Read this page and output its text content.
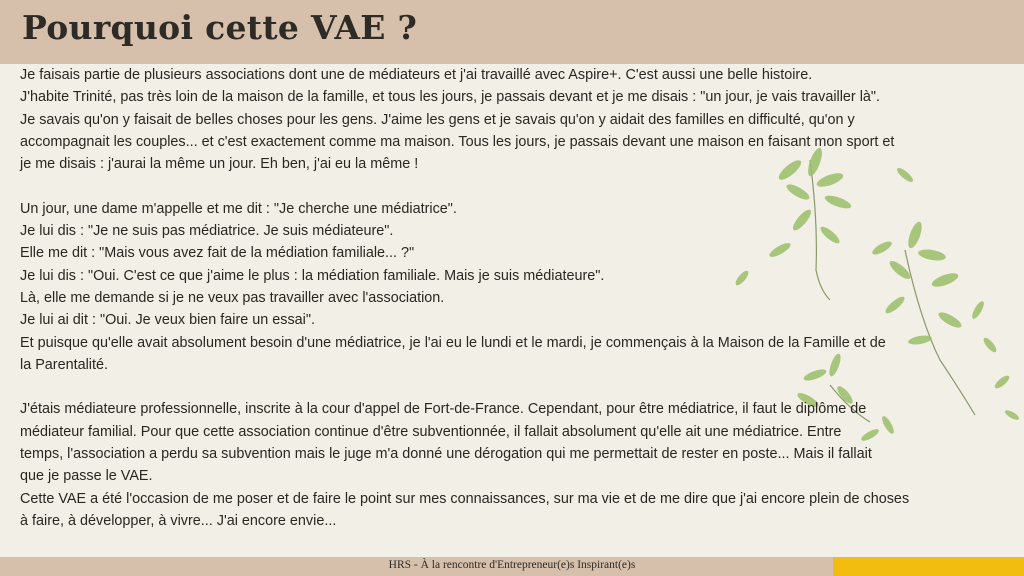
Pourquoi cette VAE ?

Je faisais partie de plusieurs associations dont une de médiateurs et j'ai travaillé avec Aspire+. C'est aussi une belle histoire.

J'habite Trinité, pas très loin de la maison de la famille, et tous les jours, je passais devant et je me disais : "un jour, je vais travailler là".

Je savais qu'on y faisait de belles choses pour les gens. J'aime les gens et je savais qu'on y aidait des familles en difficulté, qu'on y

accompagnait les couples... et c'est exactement comme ma maison. Tous les jours, je passais devant une maison en faisant mon sport et

je me disais : j'aurai la même un jour. Eh ben, j'ai eu la même !

Un jour, une dame m'appelle et me dit : "Je cherche une médiatrice".

Je lui dis : "Je ne suis pas médiatrice. Je suis médiateure".

Elle me dit : "Mais vous avez fait de la médiation familiale... ?"

Je lui dis : "Oui. C'est ce que j'aime le plus : la médiation familiale. Mais je suis médiateure".

Là, elle me demande si je ne veux pas travailler avec l'association.

Je lui ai dit : "Oui. Je veux bien faire un essai".

Et puisque qu'elle avait absolument besoin d'une médiatrice, je l'ai eu le lundi et le mardi, je commençais à la Maison de la Famille et de

la Parentalité.

J'étais médiateure professionnelle, inscrite à la cour d'appel de Fort-de-France. Cependant, pour être médiatrice, il faut le diplôme de

médiateur familial. Pour que cette association continue d'être subventionnée, il fallait absolument qu'elle ait une médiatrice. Entre

temps, l'association a perdu sa subvention mais le juge m'a donné une dérogation qui me permettait de rester en poste... Mais il fallait

que je passe le VAE.

Cette VAE a été l'occasion de me poser et de faire le point sur mes connaissances, sur ma vie et de me dire que j'ai encore plein de choses

à faire, à développer, à vivre... J'ai encore envie...

HRS - À la rencontre d'Entrepreneur(e)s Inspirant(e)s
